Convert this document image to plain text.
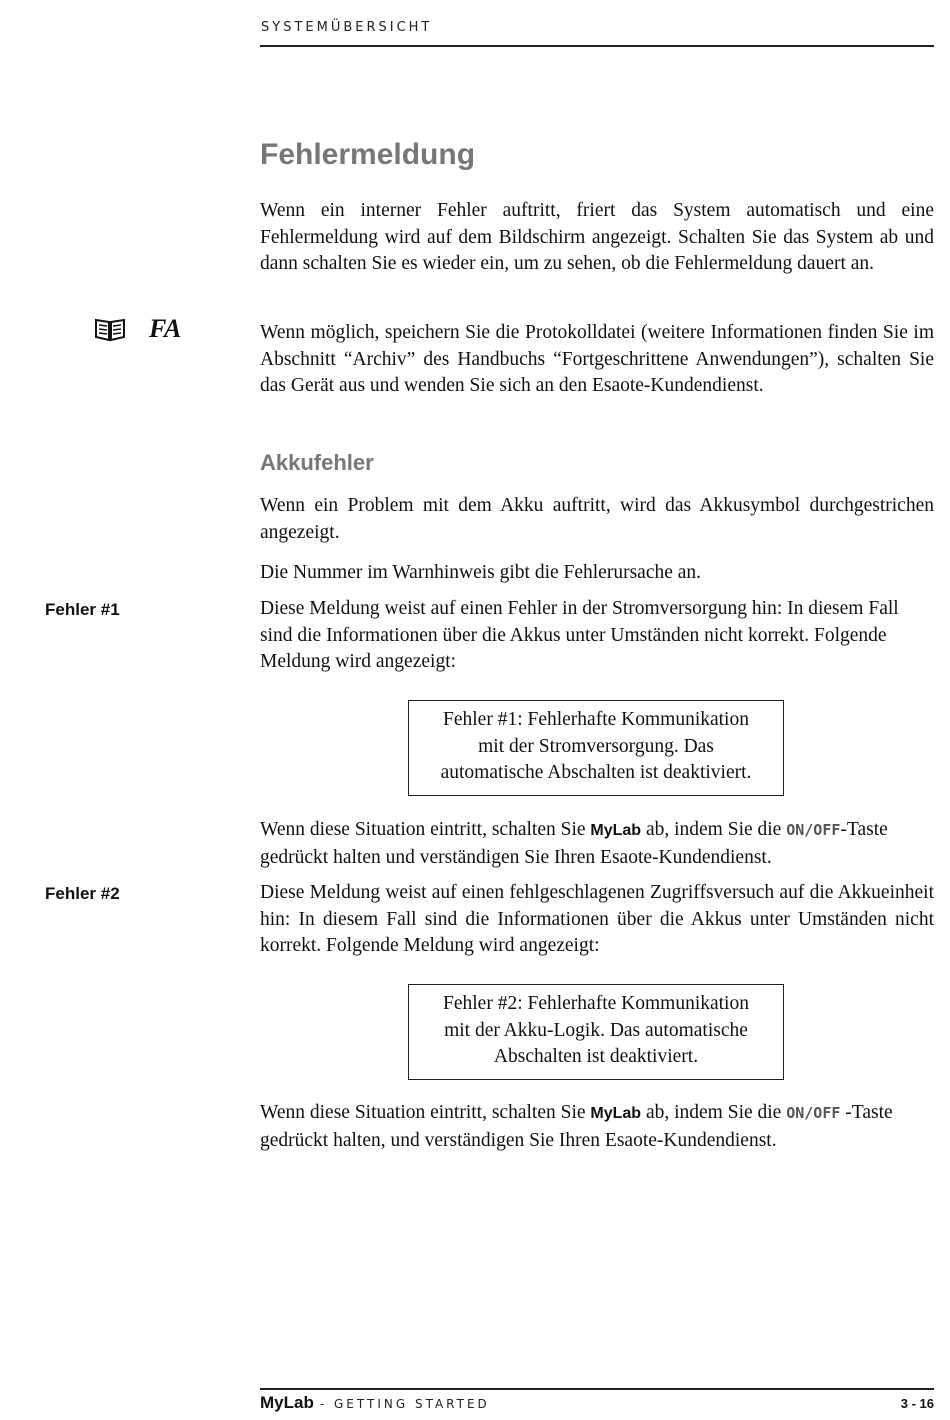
SYSTEMÜBERSICHT
Fehlermeldung

Wenn ein interner Fehler auftritt, friert das System automatisch und eine Fehlermeldung wird auf dem Bildschirm angezeigt. Schalten Sie das System ab und dann schalten Sie es wieder ein, um zu sehen, ob die Fehlermeldung dauert an.

FA	Wenn möglich, speichern Sie die Protokolldatei (weitere Informationen finden Sie im Abschnitt “Archiv” des Handbuchs “Fortgeschrittene Anwendungen”), schalten Sie das Gerät aus und wenden Sie sich an den Esaote-Kundendienst.

Akkufehler

Wenn ein Problem mit dem Akku auftritt, wird das Akkusymbol durchgestrichen angezeigt.

Die Nummer im Warnhinweis gibt die Fehlerursache an.

Fehler #1	Diese Meldung weist auf einen Fehler in der Stromversorgung hin: In diesem Fall sind die Informationen über die Akkus unter Umständen nicht korrekt. Folgende Meldung wird angezeigt:

Fehler #1: Fehlerhafte Kommunikation
mit der Stromversorgung. Das
automatische Abschalten ist deaktiviert.

Wenn diese Situation eintritt, schalten Sie MyLab ab, indem Sie die ON/OFF-Taste gedrückt halten und verständigen Sie Ihren Esaote-Kundendienst.

Fehler #2	Diese Meldung weist auf einen fehlgeschlagenen Zugriffsversuch auf die Akkueinheit hin: In diesem Fall sind die Informationen über die Akkus unter Umständen nicht korrekt. Folgende Meldung wird angezeigt:

Fehler #2: Fehlerhafte Kommunikation
mit der Akku-Logik. Das automatische
Abschalten ist deaktiviert.

Wenn diese Situation eintritt, schalten Sie MyLab ab, indem Sie die ON/OFF -Taste gedrückt halten, und verständigen Sie Ihren Esaote-Kundendienst.

MyLab - GETTING STARTED	3 - 16
